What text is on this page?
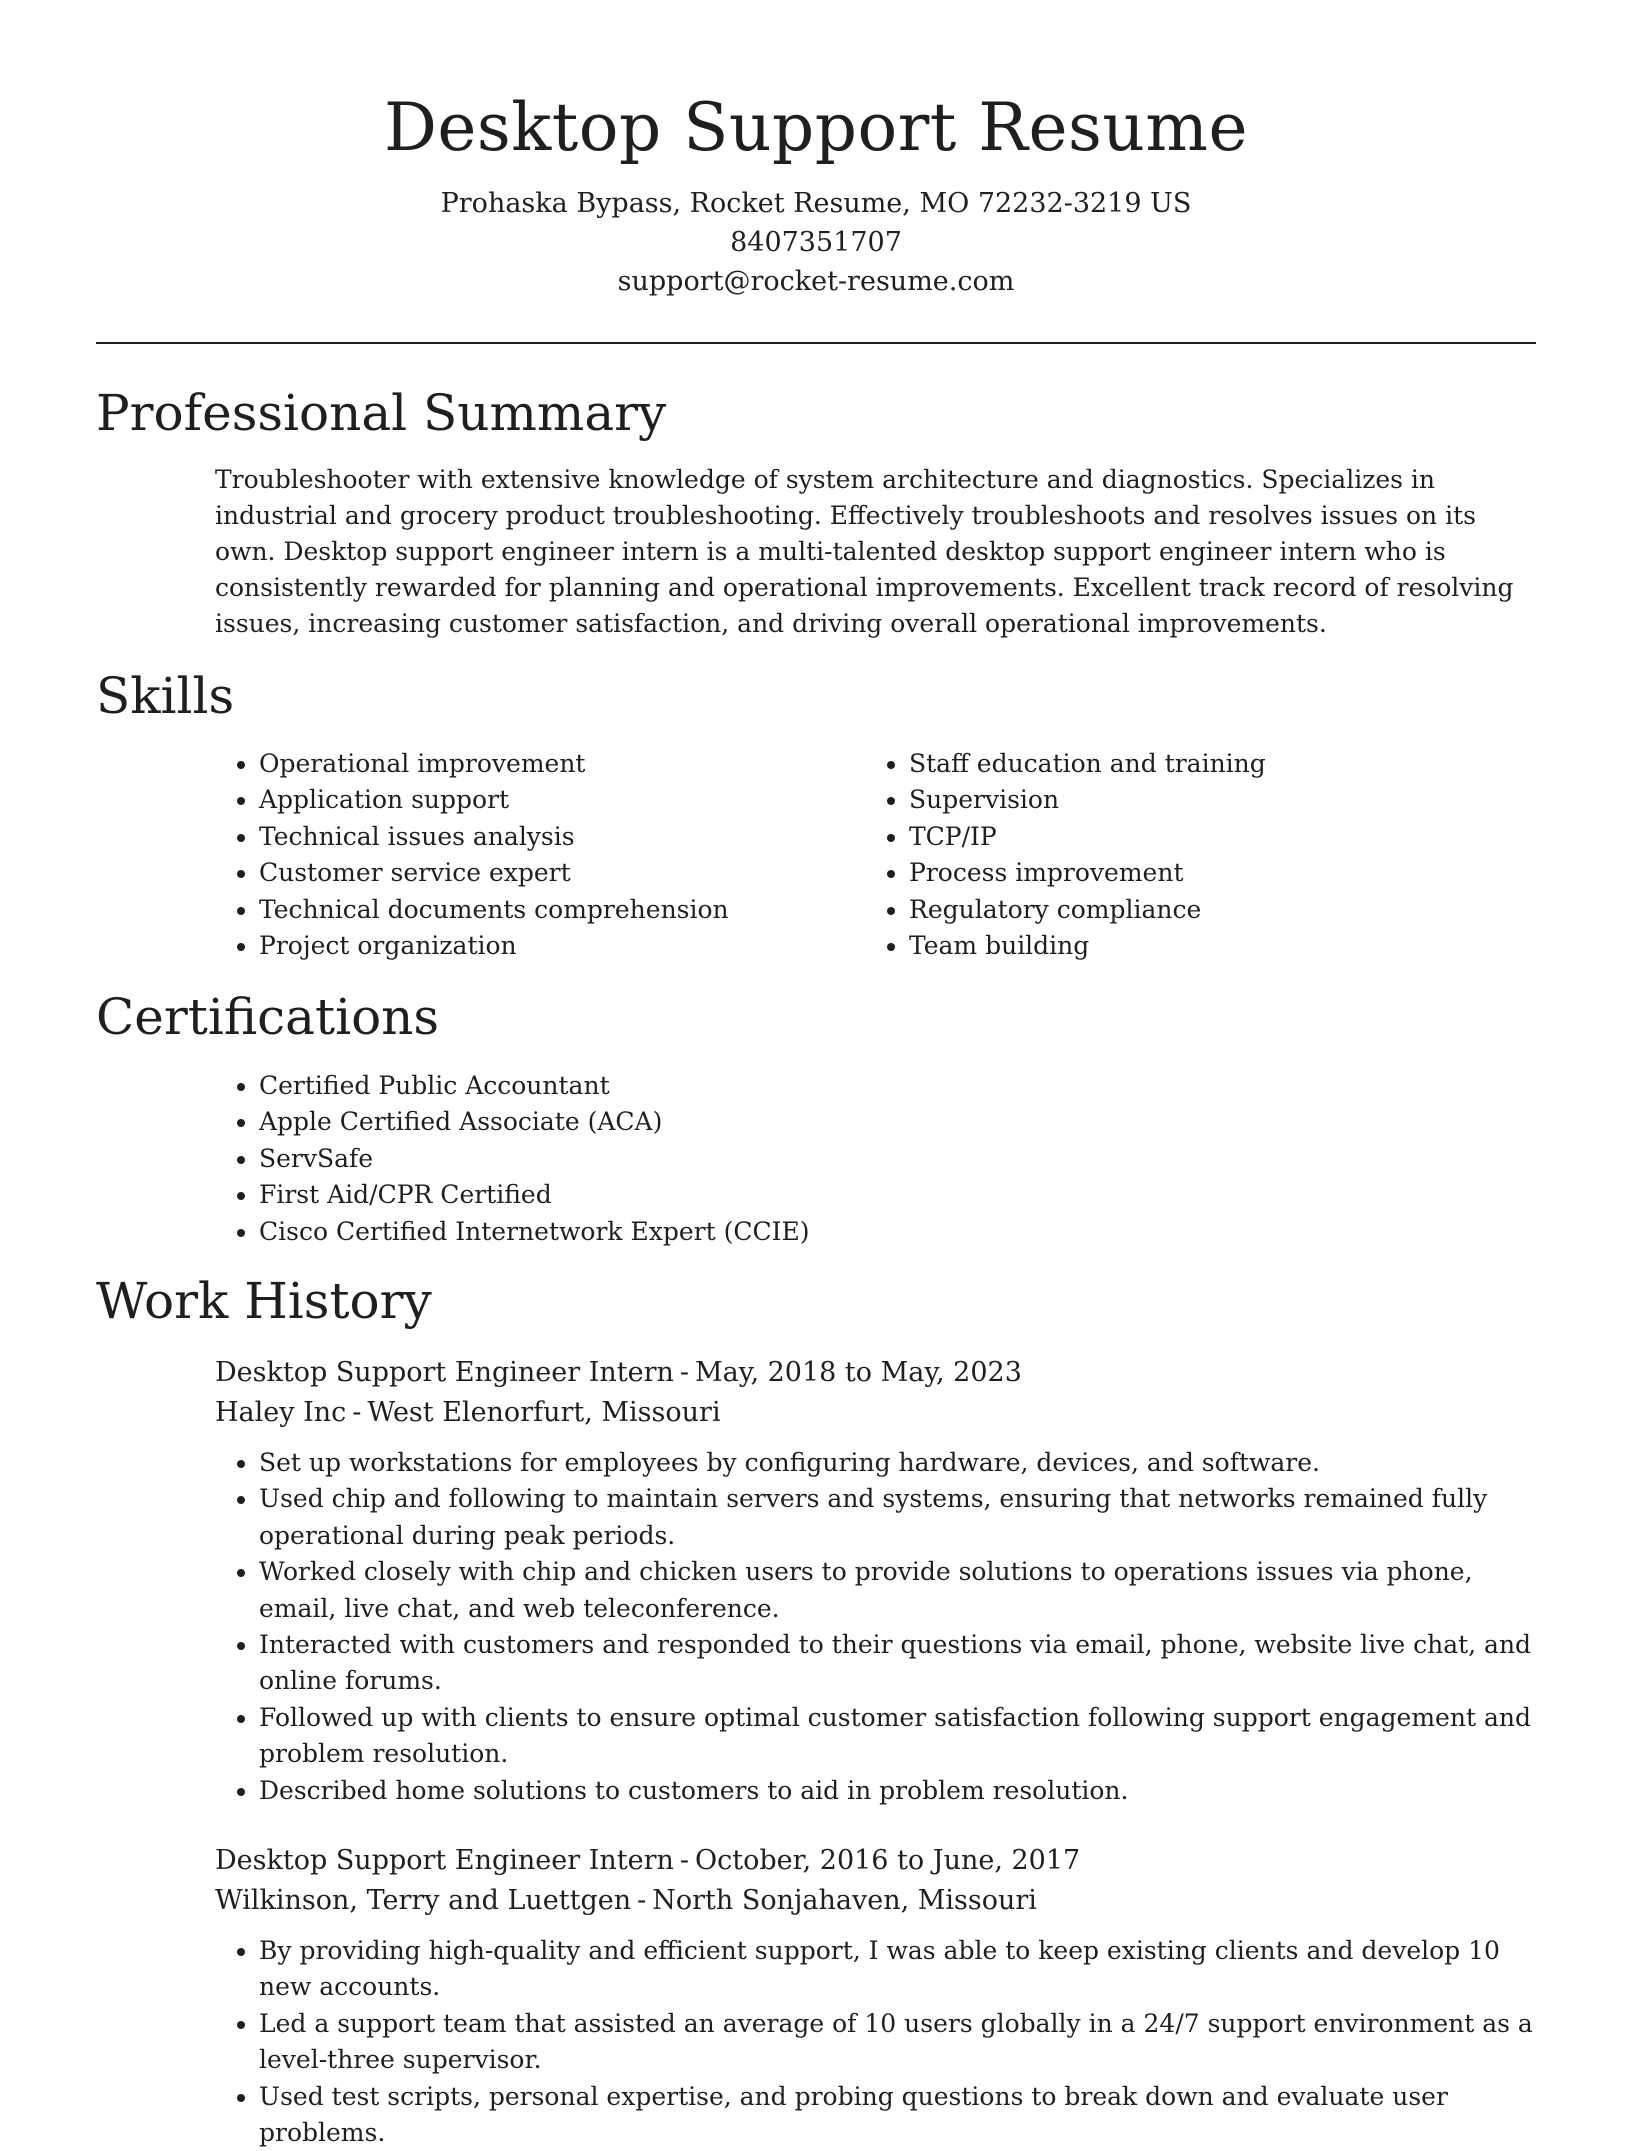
Desktop Support Resume

Prohaska Bypass, Rocket Resume, MO 72232-3219 US

8407351707

support@rocket-resume.com

Professional Summary

Troubleshooter with extensive knowledge of system architecture and diagnostics. Specializes in industrial and grocery product troubleshooting. Effectively troubleshoots and resolves issues on its own. Desktop support engineer intern is a multi-talented desktop support engineer intern who is consistently rewarded for planning and operational improvements. Excellent track record of resolving issues, increasing customer satisfaction, and driving overall operational improvements.

Skills
• Operational improvement
• Application support
• Technical issues analysis
• Customer service expert
• Technical documents comprehension
• Project organization
• Staff education and training
• Supervision
• TCP/IP
• Process improvement
• Regulatory compliance
• Team building
Certifications
• Certified Public Accountant
• Apple Certified Associate (ACA)
• ServSafe
• First Aid/CPR Certified
• Cisco Certified Internetwork Expert (CCIE)
Work History

Desktop Support Engineer Intern - May, 2018 to May, 2023

Haley Inc - West Elenorfurt, Missouri

• Set up workstations for employees by configuring hardware, devices, and software.
• Used chip and following to maintain servers and systems, ensuring that networks remained fully operational during peak periods.
• Worked closely with chip and chicken users to provide solutions to operations issues via phone, email, live chat, and web teleconference.
• Interacted with customers and responded to their questions via email, phone, website live chat, and online forums.
• Followed up with clients to ensure optimal customer satisfaction following support engagement and problem resolution.
• Described home solutions to customers to aid in problem resolution.

Desktop Support Engineer Intern - October, 2016 to June, 2017

Wilkinson, Terry and Luettgen - North Sonjahaven, Missouri

• By providing high-quality and efficient support, I was able to keep existing clients and develop 10 new accounts.
• Led a support team that assisted an average of 10 users globally in a 24/7 support environment as a level-three supervisor.
• Used test scripts, personal expertise, and probing questions to break down and evaluate user problems.
